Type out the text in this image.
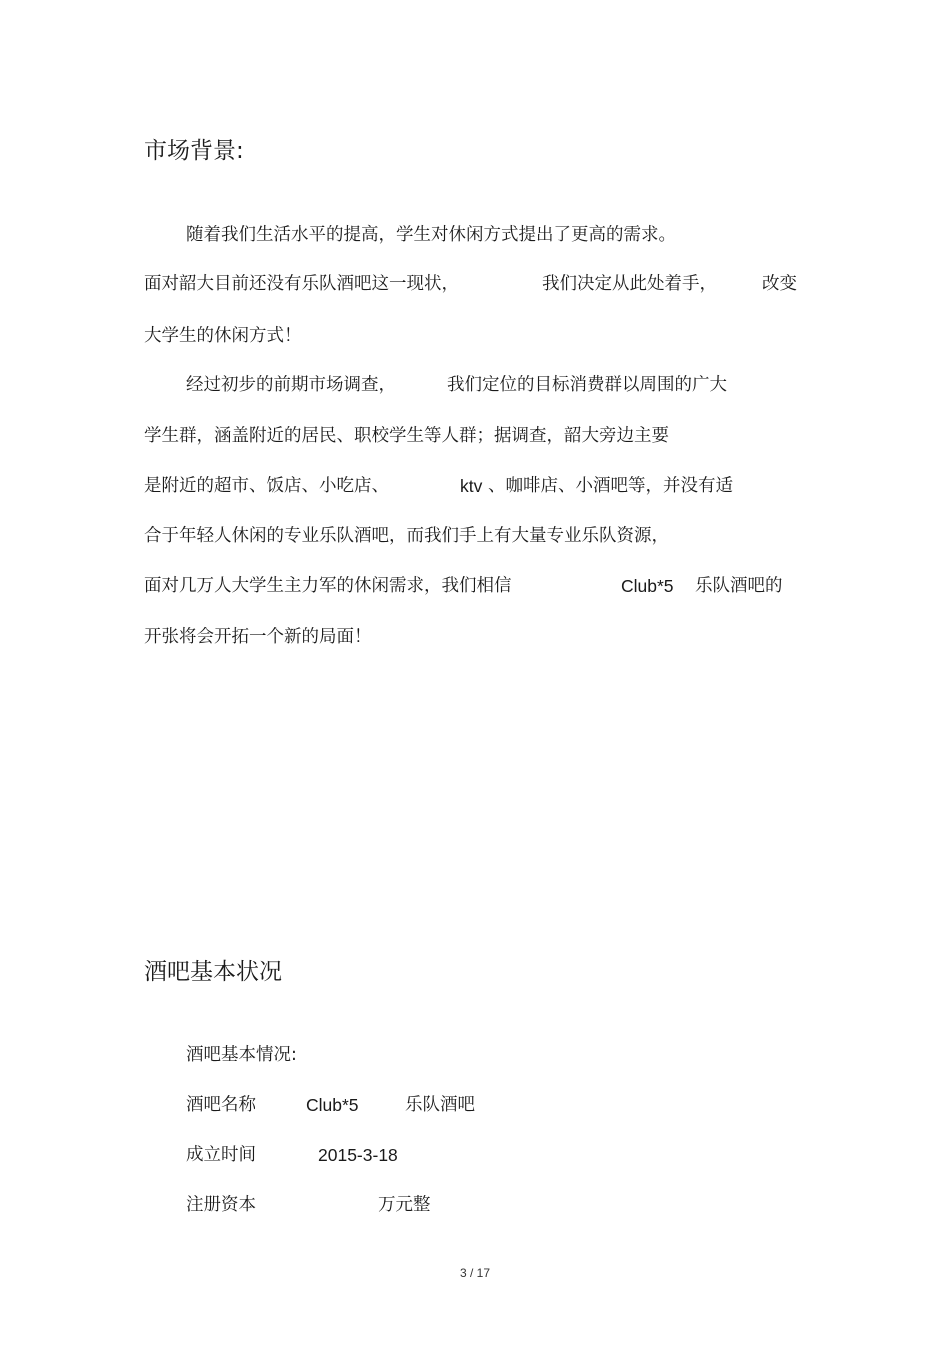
市场背景:
随着我们生活水平的提高，学生对休闲方式提出了更高的需求。
面对韶大目前还没有乐队酒吧这一现状，	我们决定从此处着手，	改变
大学生的休闲方式！
经过初步的前期市场调查，	我们定位的目标消费群以周围的广大
学生群，涵盖附近的居民、职校学生等人群；据调查，韶大旁边主要
是附近的超市、饭店、小吃店、	ktv 、咖啡店、小酒吧等，并没有适
合于年轻人休闲的专业乐队酒吧，而我们手上有大量专业乐队资源，
面对几万人大学生主力军的休闲需求，我们相信	Club*5 乐队酒吧的
开张将会开拓一个新的局面！
酒吧基本状况
酒吧基本情况:
酒吧名称	Club*5	乐队酒吧
成立时间	2015-3-18
注册资本	万元整
3 / 17
